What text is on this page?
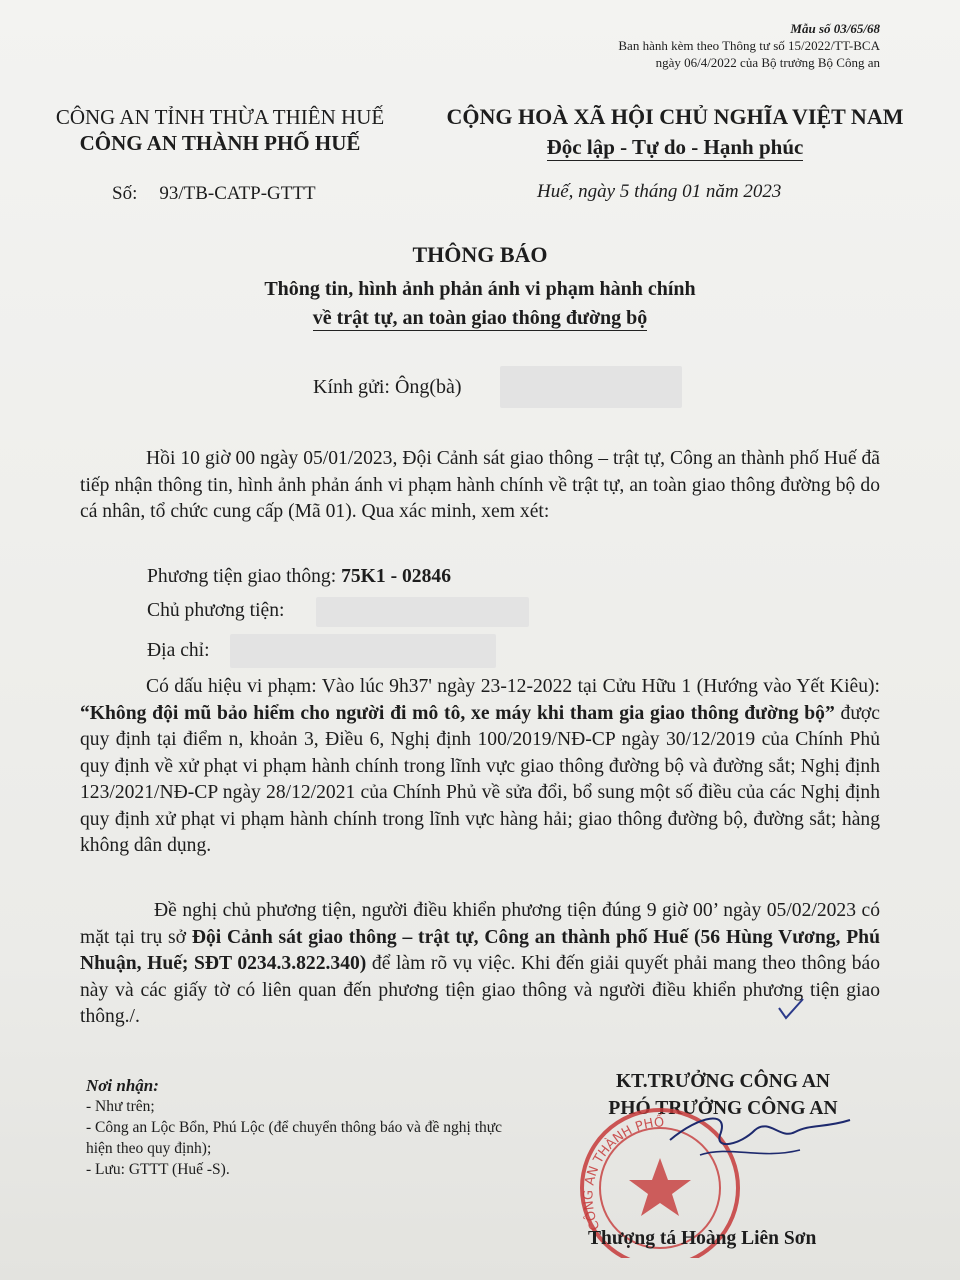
Mẫu số 03/65/68
Ban hành kèm theo Thông tư số 15/2022/TT-BCA
ngày 06/4/2022 của Bộ trưởng Bộ Công an
CÔNG AN TỈNH THỪA THIÊN HUẾ
CÔNG AN THÀNH PHỐ HUẾ
CỘNG HOÀ XÃ HỘI CHỦ NGHĨA VIỆT NAM
Độc lập - Tự do - Hạnh phúc
Số: 93/TB-CATP-GTTT	Huế, ngày 5 tháng 01 năm 2023
THÔNG BÁO
Thông tin, hình ảnh phản ánh vi phạm hành chính
về trật tự, an toàn giao thông đường bộ
Kính gửi: Ông(bà)
Hồi 10 giờ 00 ngày 05/01/2023, Đội Cảnh sát giao thông – trật tự, Công an thành phố Huế đã tiếp nhận thông tin, hình ảnh phản ánh vi phạm hành chính về trật tự, an toàn giao thông đường bộ do cá nhân, tổ chức cung cấp (Mã 01). Qua xác minh, xem xét:
Phương tiện giao thông: 75K1 - 02846
Chủ phương tiện:
Địa chỉ:
Có dấu hiệu vi phạm: Vào lúc 9h37' ngày 23-12-2022 tại Cửu Hữu 1 (Hướng vào Yết Kiêu): “Không đội mũ bảo hiểm cho người đi mô tô, xe máy khi tham gia giao thông đường bộ” được quy định tại điểm n, khoản 3, Điều 6, Nghị định 100/2019/NĐ-CP ngày 30/12/2019 của Chính Phủ quy định về xử phạt vi phạm hành chính trong lĩnh vực giao thông đường bộ và đường sắt; Nghị định 123/2021/NĐ-CP ngày 28/12/2021 của Chính Phủ về sửa đổi, bổ sung một số điều của các Nghị định quy định xử phạt vi phạm hành chính trong lĩnh vực hàng hải; giao thông đường bộ, đường sắt; hàng không dân dụng.
Đề nghị chủ phương tiện, người điều khiển phương tiện đúng 9 giờ 00’ ngày 05/02/2023 có mặt tại trụ sở Đội Cảnh sát giao thông – trật tự, Công an thành phố Huế (56 Hùng Vương, Phú Nhuận, Huế; SĐT 0234.3.822.340) để làm rõ vụ việc. Khi đến giải quyết phải mang theo thông báo này và các giấy tờ có liên quan đến phương tiện giao thông và người điều khiển phương tiện giao thông./.
Nơi nhận:
- Như trên;
- Công an Lộc Bổn, Phú Lộc (để chuyển thông báo và đề nghị thực hiện theo quy định);
- Lưu: GTTT (Huế -S).
KT.TRƯỞNG CÔNG AN
PHÓ TRƯỞNG CÔNG AN
CÔNG AN THÀNH PHỐ
Thượng tá Hoàng Liên Sơn
